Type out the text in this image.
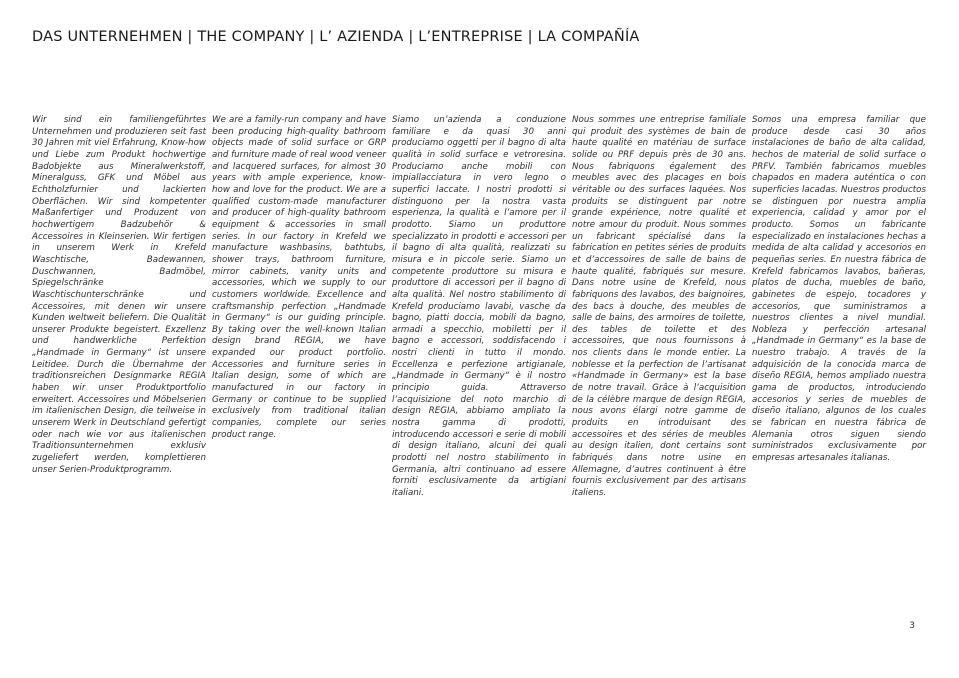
DAS UNTERNEHMEN | THE COMPANY | L’ AZIENDA | L’ENTREPRISE | LA COMPAÑÍA
Wir sind ein familiengeführtes Unternehmen und produzieren seit fast 30 Jahren mit viel Erfahrung, Know-how und Liebe zum Produkt hochwertige Badobjekte aus Mineralwerkstoff, Mineralguss, GFK und Möbel aus Echtholzfurnier und lackierten Oberflächen. Wir sind kompetenter Maßanfertiger und Produzent von hochwertigem Badzubehör & Accessoires in Kleinserien. Wir fertigen in unserem Werk in Krefeld Waschtische, Badewannen, Duschwannen, Badmöbel, Spiegelschränke Waschtischunterschränke und Accessoires, mit denen wir unsere Kunden weltweit beliefern. Die Qualität unserer Produkte begeistert. Exzellenz und handwerkliche Perfektion „Handmade in Germany“ ist unsere Leitidee. Durch die Übernahme der traditionsreichen Designmarke REGIA haben wir unser Produktportfolio erweitert. Accessoires und Möbelserien im italienischen Design, die teilweise in unserem Werk in Deutschland gefertigt oder nach wie vor aus italienischen Traditionsunternehmen exklusiv zugeliefert werden, komplettieren unser Serien-Produktprogramm.
We are a family-run company and have been producing high-quality bathroom objects made of solid surface or GRP and furniture made of real wood veneer and lacquered surfaces, for almost 30 years with ample experience, know-how and love for the product. We are a qualified custom-made manufacturer and producer of high-quality bathroom equipment & accessories in small series. In our factory in Krefeld we manufacture washbasins, bathtubs, shower trays, bathroom furniture, mirror cabinets, vanity units and accessories, which we supply to our customers worldwide. Excellence and craftsmanship perfection „Handmade in Germany“ is our guiding principle. By taking over the well-known Italian design brand REGIA, we have expanded our product portfolio. Accessories and furniture series in Italian design, some of which are manufactured in our factory in Germany or continue to be supplied exclusively from traditional italian companies, complete our series product range.
Siamo un’azienda a conduzione familiare e da quasi 30 anni produciamo oggetti per il bagno di alta qualità in solid surface e vetroresina. Produciamo anche mobili con impiallacciatura in vero legno o superfici laccate. I nostri prodotti si distinguono per la nostra vasta esperienza, la qualità e l’amore per il prodotto. Siamo un produttore specializzato in prodotti e accessori per il bagno di alta qualità, realizzati su misura e in piccole serie. Siamo un competente produttore su misura e produttore di accessori per il bagno di alta qualità. Nel nostro stabilimento di Krefeld produciamo lavabi, vasche da bagno, piatti doccia, mobili da bagno, armadi a specchio, mobiletti per il bagno e accessori, soddisfacendo i nostri clienti in tutto il mondo. Eccellenza e perfezione artigianale, „Handmade in Germany“ è il nostro principio guida. Attraverso l’acquisizione del noto marchio di design REGIA, abbiamo ampliato la nostra gamma di prodotti, introducendo accessori e serie di mobili di design italiano, alcuni dei quali prodotti nel nostro stabilimento in Germania, altri continuano ad essere forniti esclusivamente da artigiani italiani.
Nous sommes une entreprise familiale qui produit des systèmes de bain de haute qualité en matériau de surface solide ou PRF depuis près de 30 ans. Nous fabriquons également des meubles avec des placages en bois véritable ou des surfaces laquées. Nos produits se distinguent par notre grande expérience, notre qualité et notre amour du produit. Nous sommes un fabricant spécialisé dans la fabrication en petites séries de produits et d’accessoires de salle de bains de haute qualité, fabriqués sur mesure. Dans notre usine de Krefeld, nous fabriquons des lavabos, des baignoires, des bacs à douche, des meubles de salle de bains, des armoires de toilette, des tables de toilette et des accessoires, que nous fournissons à nos clients dans le monde entier. La noblesse et la perfection de l’artisanat «Handmade in Germany» est la base de notre travail. Grâce à l’acquisition de la célèbre marque de design REGIA, nous avons élargi notre gamme de produits en introduisant des accessoires et des séries de meubles au design italien, dont certains sont fabriqués dans notre usine en Allemagne, d’autres continuent à être fournis exclusivement par des artisans italiens.
Somos una empresa familiar que produce desde casi 30 años instalaciones de baño de alta calidad, hechos de material de solid surface o PRFV. También fabricamos muebles chapados en madera auténtica o con superficies lacadas. Nuestros productos se distinguen por nuestra amplia experiencia, calidad y amor por el producto. Somos un fabricante especializado en instalaciones hechas a medida de alta calidad y accesorios en pequeñas series. En nuestra fábrica de Krefeld fabricamos lavabos, bañeras, platos de ducha, muebles de baño, gabinetes de espejo, tocadores y accesorios, que suministramos a nuestros clientes a nivel mundial. Nobleza y perfección artesanal „Handmade in Germany“ es la base de nuestro trabajo. A través de la adquisición de la conocida marca de diseño REGIA, hemos ampliado nuestra gama de productos, introduciendo accesorios y series de muebles de diseño italiano, algunos de los cuales se fabrican en nuestra fábrica de Alemania otros siguen siendo suministrados exclusivamente por empresas artesanales italianas.
3
